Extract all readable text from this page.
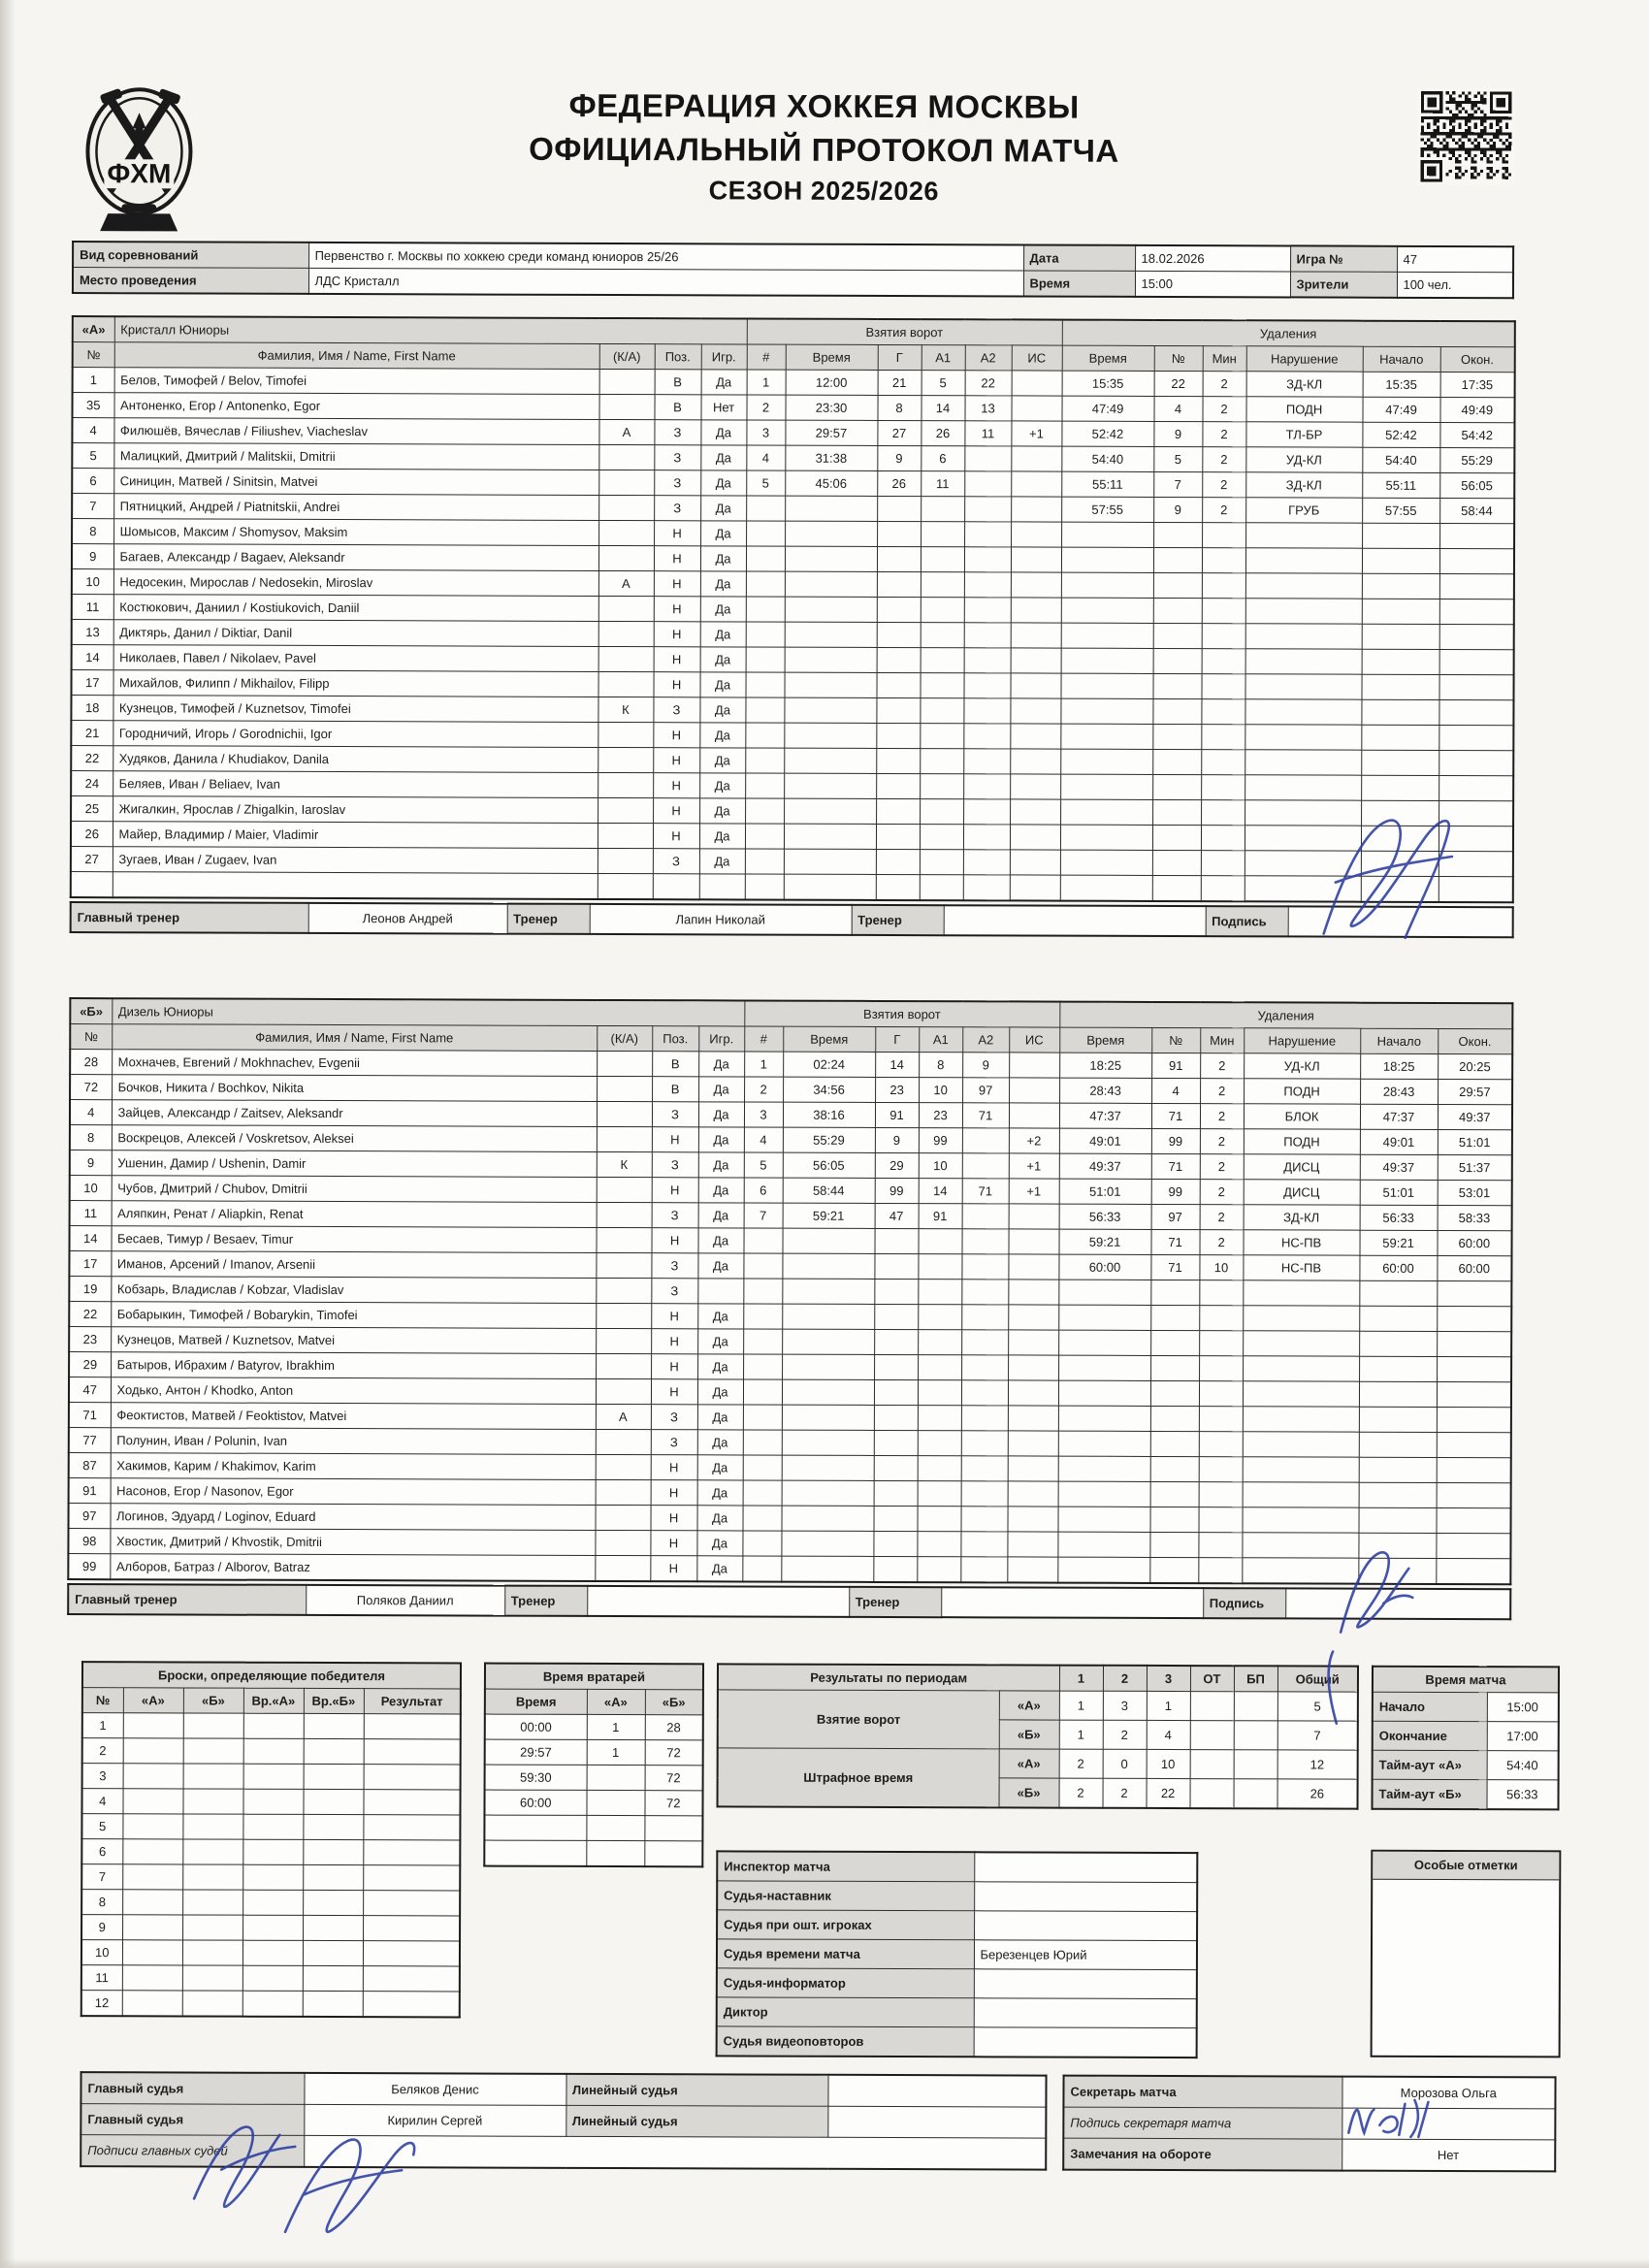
ФХМ
ФЕДЕРАЦИЯ ХОККЕЯ МОСКВЫ
ОФИЦИАЛЬНЫЙ ПРОТОКОЛ МАТЧА
СЕЗОН 2025/2026
Вид соревнований	Первенство г. Москвы по хоккею среди команд юниоров 25/26	Дата	18.02.2026	Игра №	47
Место проведения	ЛДС Кристалл	Время	15:00	Зрители	100 чел.
«А»	Кристалл Юниоры				Взятия ворот						Удаления					
№	Фамилия, Имя / Name, First Name	(К/А)	Поз.	Игр.	#	Время	Г	А1	А2	ИС	Время	№	Мин	Нарушение	Начало	Окон.
1	Белов, Тимофей / Belov, Timofei		В	Да	1	12:00	21	5	22		15:35	22	2	ЗД-КЛ	15:35	17:35
35	Антоненко, Егор / Antonenko, Egor		В	Нет	2	23:30	8	14	13		47:49	4	2	ПОДН	47:49	49:49
4	Филюшёв, Вячеслав / Filiushev, Viacheslav	А	З	Да	3	29:57	27	26	11	+1	52:42	9	2	ТЛ-БР	52:42	54:42
5	Малицкий, Дмитрий / Malitskii, Dmitrii		З	Да	4	31:38	9	6			54:40	5	2	УД-КЛ	54:40	55:29
6	Синицин, Матвей / Sinitsin, Matvei		З	Да	5	45:06	26	11			55:11	7	2	ЗД-КЛ	55:11	56:05
7	Пятницкий, Андрей / Piatnitskii, Andrei		З	Да							57:55	9	2	ГРУБ	57:55	58:44
8	Шомысов, Максим / Shomysov, Maksim		Н	Да												
9	Багаев, Александр / Bagaev, Aleksandr		Н	Да												
10	Недосекин, Мирослав / Nedosekin, Miroslav	А	Н	Да												
11	Костюкович, Даниил / Kostiukovich, Daniil		Н	Да												
13	Диктярь, Данил / Diktiar, Danil		Н	Да												
14	Николаев, Павел / Nikolaev, Pavel		Н	Да												
17	Михайлов, Филипп / Mikhailov, Filipp		Н	Да												
18	Кузнецов, Тимофей / Kuznetsov, Timofei	К	З	Да												
21	Городничий, Игорь / Gorodnichii, Igor		Н	Да												
22	Худяков, Данила / Khudiakov, Danila		Н	Да												
24	Беляев, Иван / Beliaev, Ivan		Н	Да												
25	Жигалкин, Ярослав / Zhigalkin, Iaroslav		Н	Да												
26	Майер, Владимир / Maier, Vladimir		Н	Да												
27	Зугаев, Иван / Zugaev, Ivan		З	Да												

Главный тренер	Леонов Андрей	Тренер	Лапин Николай	Тренер		Подпись	
«Б»	Дизель Юниоры				Взятия ворот						Удаления					
№	Фамилия, Имя / Name, First Name	(К/А)	Поз.	Игр.	#	Время	Г	А1	А2	ИС	Время	№	Мин	Нарушение	Начало	Окон.
28	Мохначев, Евгений / Mokhnachev, Evgenii		В	Да	1	02:24	14	8	9		18:25	91	2	УД-КЛ	18:25	20:25
72	Бочков, Никита / Bochkov, Nikita		В	Да	2	34:56	23	10	97		28:43	4	2	ПОДН	28:43	29:57
4	Зайцев, Александр / Zaitsev, Aleksandr		З	Да	3	38:16	91	23	71		47:37	71	2	БЛОК	47:37	49:37
8	Воскрецов, Алексей / Voskretsov, Aleksei		Н	Да	4	55:29	9	99		+2	49:01	99	2	ПОДН	49:01	51:01
9	Ушенин, Дамир / Ushenin, Damir	К	З	Да	5	56:05	29	10		+1	49:37	71	2	ДИСЦ	49:37	51:37
10	Чубов, Дмитрий / Chubov, Dmitrii		Н	Да	6	58:44	99	14	71	+1	51:01	99	2	ДИСЦ	51:01	53:01
11	Аляпкин, Ренат / Aliapkin, Renat		З	Да	7	59:21	47	91			56:33	97	2	ЗД-КЛ	56:33	58:33
14	Бесаев, Тимур / Besaev, Timur		Н	Да							59:21	71	2	НС-ПВ	59:21	60:00
17	Иманов, Арсений / Imanov, Arsenii		З	Да							60:00	71	10	НС-ПВ	60:00	60:00
19	Кобзарь, Владислав / Kobzar, Vladislav		З													
22	Бобарыкин, Тимофей / Bobarykin, Timofei		Н	Да												
23	Кузнецов, Матвей / Kuznetsov, Matvei		Н	Да												
29	Батыров, Ибрахим / Batyrov, Ibrakhim		Н	Да												
47	Ходько, Антон / Khodko, Anton		Н	Да												
71	Феоктистов, Матвей / Feoktistov, Matvei	А	З	Да												
77	Полунин, Иван / Polunin, Ivan		З	Да												
87	Хакимов, Карим / Khakimov, Karim		Н	Да												
91	Насонов, Егор / Nasonov, Egor		Н	Да												
97	Логинов, Эдуард / Loginov, Eduard		Н	Да												
98	Хвостик, Дмитрий / Khvostik, Dmitrii		Н	Да												
99	Алборов, Батраз / Alborov, Batraz		Н	Да												
Главный тренер	Поляков Даниил	Тренер		Тренер		Подпись	
Броски, определяющие победителя					
№	«А»	«Б»	Вр.«А»	Вр.«Б»	Результат
1					
2					
3					
4					
5					
6					
7					
8					
9					
10					
11					
12					
Время вратарей		
Время	«А»	«Б»
00:00	1	28
29:57	1	72
59:30		72
60:00		72

Результаты по периодам		1	2	3	ОТ	БП	Общий
Взятие ворот	«А»	1	3	1			5
	«Б»	1	2	4			7
Штрафное время	«А»	2	0	10			12
	«Б»	2	2	22			26
Время матча	
Начало	15:00
Окончание	17:00
Тайм-аут «А»	54:40
Тайм-аут «Б»	56:33
Инспектор матча	
Судья-наставник	
Судья при ошт. игроках	
Судья времени матча	Березенцев Юрий
Судья-информатор	
Диктор	
Судья видеоповторов	
Особые отметки
Главный судья	Беляков Денис	Линейный судья	
Главный судья	Кирилин Сергей	Линейный судья	
Подписи главных судей			
Секретарь матча	Морозова Ольга
Подпись секретаря матча	
Замечания на обороте	Нет
